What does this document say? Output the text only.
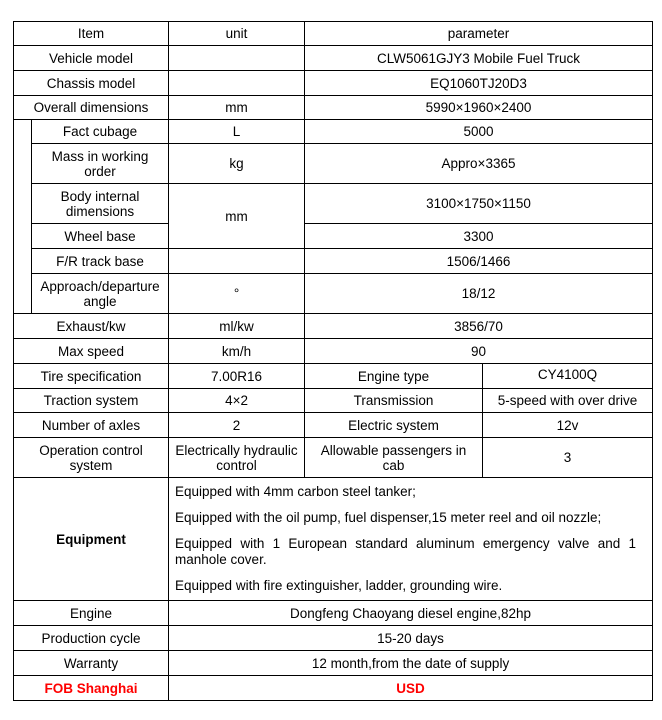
Item		unit	parameter	
Vehicle model			CLW5061GJY3 Mobile Fuel Truck	
Chassis model			EQ1060TJ20D3	
Overall dimensions		mm	5990×1960×2400	
	Fact cubage	L	5000	
	Mass in working order	kg	Appro×3365	
	Body internal dimensions	mm	3100×1750×1150	
	Wheel base		3300	
	F/R track base		1506/1466	
	Approach/departure angle	°	18/12	
Exhaust/kw		ml/kw	3856/70	
Max speed		km/h	90	
Tire specification		7.00R16	Engine type	CY4100Q
Traction system		4×2	Transmission	5-speed with over drive
Number of axles		2	Electric system	12v
Operation control system		Electrically hydraulic control	Allowable passengers in cab	3
Equipment		Equipped with 4mm carbon steel tanker;

Equipped with the oil pump, fuel dispenser,15 meter reel and oil nozzle;

Equipped with 1 European standard aluminum emergency valve and 1 manhole cover.

Equipped with fire extinguisher, ladder, grounding wire.		

Engine		Dongfeng Chaoyang diesel engine,82hp		
Production cycle		15-20 days		
Warranty		12 month,from the date of supply		
FOB Shanghai		USD		
